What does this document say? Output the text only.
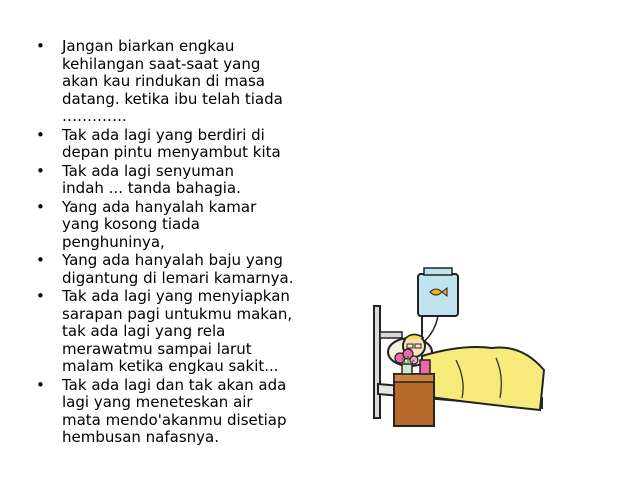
• Jangan biarkan engkau
kehilangan saat-saat yang
akan kau rindukan di masa
datang. ketika ibu telah tiada
………….
• Tak ada lagi yang berdiri di
depan pintu menyambut kita
• Tak ada lagi senyuman
indah ... tanda bahagia.
• Yang ada hanyalah kamar
yang kosong tiada
penghuninya,
• Yang ada hanyalah baju yang
digantung di lemari kamarnya.
• Tak ada lagi yang menyiapkan
sarapan pagi untukmu makan,
tak ada lagi yang rela
merawatmu sampai larut
malam ketika engkau sakit...
• Tak ada lagi dan tak akan ada
lagi yang meneteskan air
mata mendo'akanmu disetiap
hembusan nafasnya.
